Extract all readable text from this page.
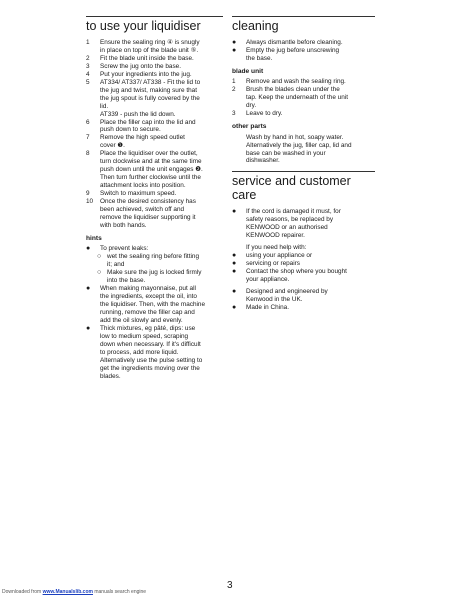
to use your liquidiser
1 Ensure the sealing ring ④ is snugly
in place on top of the blade unit ⑤.
2 Fit the blade unit inside the base.
3 Screw the jug onto the base.
4 Put your ingredients into the jug.
5 AT334/ AT337/ AT338 - Fit the lid to
the jug and twist, making sure that
the jug spout is fully covered by the
lid.
AT339 - push the lid down.
6 Place the filler cap into the lid and
push down to secure.
7 Remove the high speed outlet
cover ❶.
8 Place the liquidiser over the outlet,
turn clockwise and at the same time
push down until the unit engages ❷.
Then turn further clockwise until the
attachment locks into position.
9 Switch to maximum speed.
10 Once the desired consistency has
been achieved, switch off and
remove the liquidiser supporting it
with both hands.
hints
● To prevent leaks:
○ wet the sealing ring before fitting
it; and
○ Make sure the jug is locked firmly
into the base.
● When making mayonnaise, put all
the ingredients, except the oil, into
the liquidiser. Then, with the machine
running, remove the filler cap and
add the oil slowly and evenly.
● Thick mixtures, eg pâté, dips: use
low to medium speed, scraping
down when necessary. If it's difficult
to process, add more liquid.
Alternatively use the pulse setting to
get the ingredients moving over the
blades.
cleaning
● Always dismantle before cleaning.
● Empty the jug before unscrewing
the base.
blade unit
1 Remove and wash the sealing ring.
2 Brush the blades clean under the
tap. Keep the underneath of the unit
dry.
3 Leave to dry.
other parts
Wash by hand in hot, soapy water.
Alternatively the jug, filler cap, lid and
base can be washed in your
dishwasher.
service and customer
care
● If the cord is damaged it must, for
safety reasons, be replaced by
KENWOOD or an authorised
KENWOOD repairer.
If you need help with:
● using your appliance or
● servicing or repairs
● Contact the shop where you bought
your appliance.
● Designed and engineered by
Kenwood in the UK.
● Made in China.
3
Downloaded from www.Manualslib.com manuals search engine
